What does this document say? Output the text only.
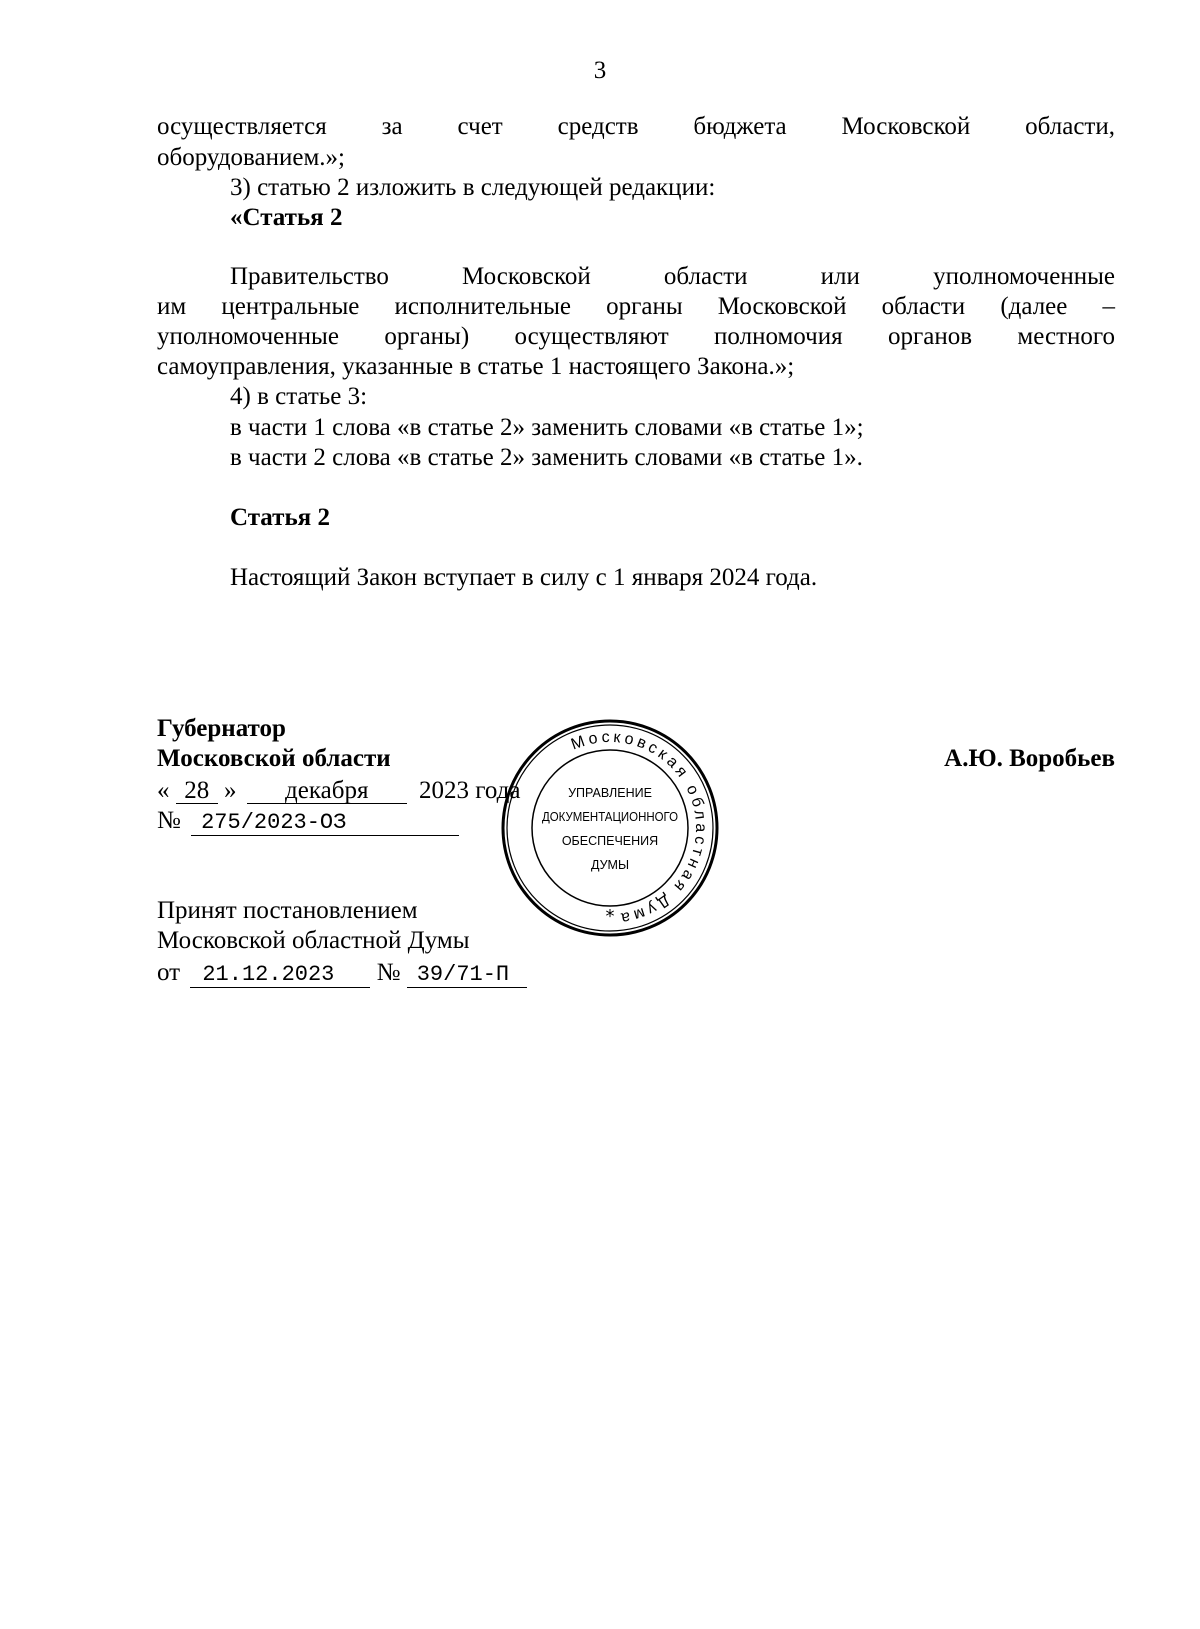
3
осуществляется за счет средств бюджета Московской области,
оборудованием.»;
3) статью 2 изложить в следующей редакции:
«Статья 2
Правительство Московской области или уполномоченные
им центральные исполнительные органы Московской области (далее –
уполномоченные органы) осуществляют полномочия органов местного
самоуправления, указанные в статье 1 настоящего Закона.»;
4) в статье 3:
в части 1 слова «в статье 2» заменить словами «в статье 1»;
в части 2 слова «в статье 2» заменить словами «в статье 1».
Статья 2
Настоящий Закон вступает в силу с 1 января 2024 года.
Губернатор
Московской области	А.Ю. Воробьев
« 28 » декабря 2023 года
№ 275/2023-ОЗ
Московская областная Дума
УПРАВЛЕНИЕ
ДОКУМЕНТАЦИОННОГО
ОБЕСПЕЧЕНИЯ
ДУМЫ
*
Принят постановлением
Московской областной Думы
от 21.12.2023 № 39/71-П
